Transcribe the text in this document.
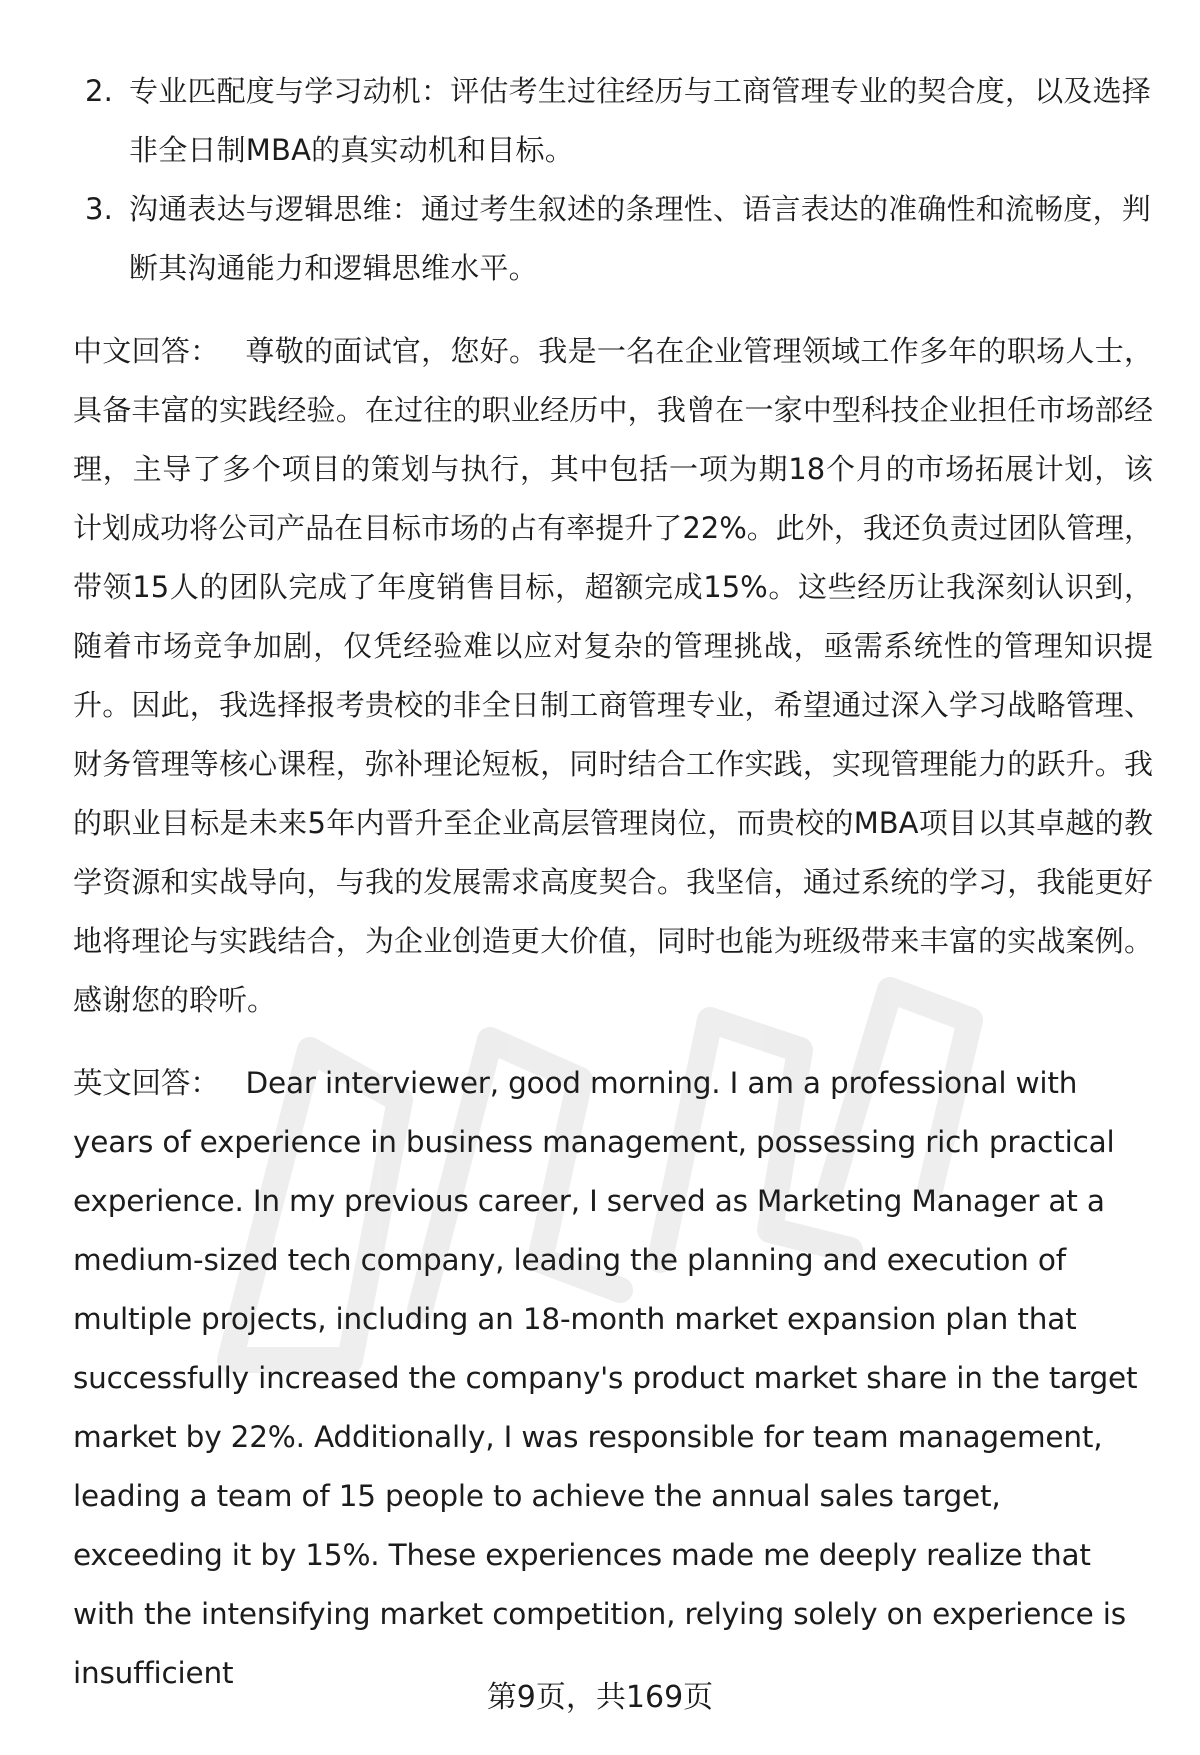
2. 专业匹配度与学习动机：评估考生过往经历与工商管理专业的契合度，以及选择非全日制MBA的真实动机和目标。
3. 沟通表达与逻辑思维：通过考生叙述的条理性、语言表达的准确性和流畅度，判断其沟通能力和逻辑思维水平。

中文回答： 尊敬的面试官，您好。我是一名在企业管理领域工作多年的职场人士，具备丰富的实践经验。在过往的职业经历中，我曾在一家中型科技企业担任市场部经理，主导了多个项目的策划与执行，其中包括一项为期18个月的市场拓展计划，该计划成功将公司产品在目标市场的占有率提升了22%。此外，我还负责过团队管理，带领15人的团队完成了年度销售目标，超额完成15%。这些经历让我深刻认识到，随着市场竞争加剧，仅凭经验难以应对复杂的管理挑战，亟需系统性的管理知识提升。因此，我选择报考贵校的非全日制工商管理专业，希望通过深入学习战略管理、财务管理等核心课程，弥补理论短板，同时结合工作实践，实现管理能力的跃升。我的职业目标是未来5年内晋升至企业高层管理岗位，而贵校的MBA项目以其卓越的教学资源和实战导向，与我的发展需求高度契合。我坚信，通过系统的学习，我能更好地将理论与实践结合，为企业创造更大价值，同时也能为班级带来丰富的实战案例。感谢您的聆听。

英文回答： Dear interviewer, good morning. I am a professional with years of experience in business management, possessing rich practical experience. In my previous career, I served as Marketing Manager at a medium-sized tech company, leading the planning and execution of multiple projects, including an 18-month market expansion plan that successfully increased the company's product market share in the target market by 22%. Additionally, I was responsible for team management, leading a team of 15 people to achieve the annual sales target, exceeding it by 15%. These experiences made me deeply realize that with the intensifying market competition, relying solely on experience is insufficient

第9页，共169页
